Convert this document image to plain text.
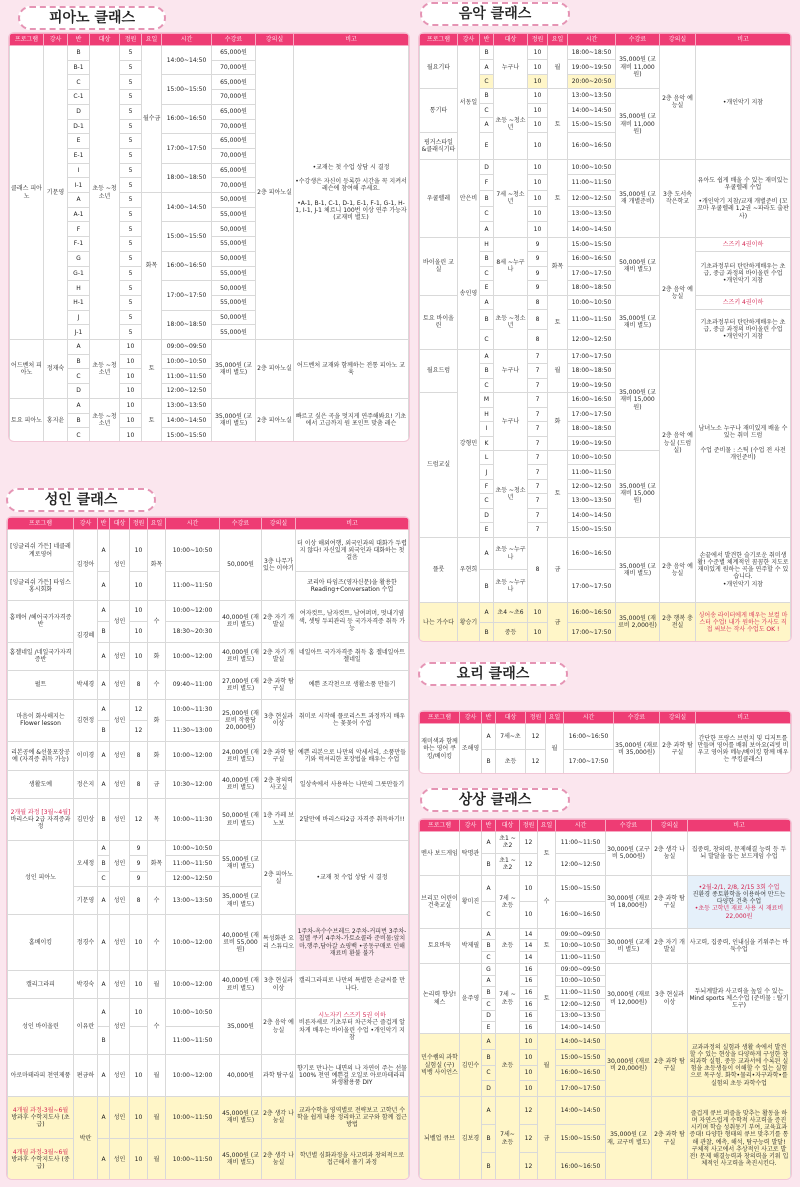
피아노 클래스
프로그램	강사	반	대상	정원	요일	시간	수강료	강의실	비고
클래스 피아노	기문영	B	초등 ~청소년	5	월수금	14:00~14:50	65,000원	2층 피아노실	•교재는 첫 수업 상담 시 결정

•수강생은 자신이 등록한 시간을 꼭 지켜서 레슨에 참여해 주세요.

•A-1, B-1, C-1, D-1, E-1, F-1, G-1, H-1, I-1, J-1 체르니 100번 이상 연주 가능자 (교재비 별도)
		B-1		5			70,000원		
		C		5		15:00~15:50	65,000원		
		C-1		5			70,000원		
		D		5		16:00~16:50	65,000원		
		D-1		5			70,000원		
		E		5		17:00~17:50	65,000원		
		E-1		5			70,000원		
		I		5		18:00~18:50	65,000원		
		I-1		5			70,000원		
		A		5	화목	14:00~14:50	50,000원		
		A-1		5			55,000원		
		F		5		15:00~15:50	50,000원		
		F-1		5			55,000원		
		G		5		16:00~16:50	50,000원		
		G-1		5			55,000원		
		H		5		17:00~17:50	50,000원		
		H-1		5			55,000원		
		J		5		18:00~18:50	50,000원		
		J-1		5			55,000원		
어드벤처 피아노	정재숙	A	초등 ~청소년	10	토	09:00~09:50	35,000원 (교재비 별도)	2층 피아노실	어드벤처 교재와 함께하는 전통 피아노 교육
		B		10		10:00~10:50			
		C		10		11:00~11:50			
		D		10		12:00~12:50			
토요 피아노	홍지윤	A	초등 ~청소년	10	토	13:00~13:50	35,000원 (교재비 별도)	2층 피아노실	빠르고 싶은 곡을 멋지게 연주해봐요! 기초에서 고급까지 원 포인트 맞춤 레슨
		B		10		14:00~14:50			
		C		10		15:00~15:50			
음악 클래스
프로그램	강사	반	대상	정원	요일	시간	수강료	강의실	비고
월요기타	서동일	B	누구나	10	월	18:00~18:50	35,000원 (교재비 11,000원)	2층 음악 예능실	•개인악기 지참
		A		10		19:00~19:50			
		C		10		20:00~20:50			
통기타		B	초등 ~청소년	10	토	13:00~13:50	35,000원 (교재비 11,000원)		
		C		10		14:00~14:50			
		A		10		15:00~15:50			
핑거스타일 &클래식기타		E		10		16:00~16:50			
우쿨렐레	안은비	D	7세 ~청소년	10	토	10:00~10:50	35,000원 (교재 개별준비)	3층 도서속 작은학교	유아도 쉽게 배울 수 있는 재미있는 우쿨렐레 수업

•개인악기 지참/교재 개별준비 (꼬꼬마 우쿨렐레 1,2권 ~파라도 출판사)
		F		10		11:00~11:50			
		B		10		12:00~12:50			
		C		10		13:00~13:50			
		A		10		14:00~14:50			
바이올린 교실	송인영	H	8세 ~누구나	9	화목	15:00~15:50	50,000원 (교재비 별도)	2층 음악 예능실	스즈키 4권이하
		B		9		16:00~16:50			기초과정부터 탄탄하게배우는 초급, 중급 과정의 바이올린 수업
•개인악기 지참
		C		9		17:00~17:50			
		E		9		18:00~18:50			
토요 바이올린		A	초등 ~청소년	8	토	10:00~10:50	35,000원 (교재비 별도)		스즈키 4권이하
		B		8		11:00~11:50			기초과정부터 탄탄하게배우는 초급, 중급 과정의 바이올린 수업
•개인악기 지참
		C		8		12:00~12:50			
월요드럼	강형민	A	누구나	7	월	17:00~17:50	35,000원 (교재비 15,000원)	2층 음악 예능실 (드럼실)	남녀노소 누구나 재미있게 배울 수 있는 취미 드럼

수업 준비물 : 스틱 (수업 전 사전 개인준비)
		B		7		18:00~18:50			
		C		7		19:00~19:50			
드럼교실		M	누구나	7	화	16:00~16:50			
		H		7		17:00~17:50			
		I		7		18:00~18:50			
		K		7		19:00~19:50			
		L	초등 ~청소년	7	토	10:00~10:50	35,000원 (교재비 15,000원)		
		J		7		11:00~11:50			
		F		7		12:00~12:50			
		C		7		13:00~13:50			
		D		7		14:00~14:50			
		E		7		15:00~15:50			
플룻	우현희	A	초등 ~누구나	8	금	16:00~16:50	35,000원 (교재비 별도)	2층 음악 예능실	손끝에서 발견한 슬기로운 취미생활! 수준별 체계적인 꼼꼼한 지도로 재미있게 원하는 곡을 연주할 수 있습니다.
•개인악기 지참
		B	초등 ~누구나			17:00~17:50			
나는 가수다	황승기	A	초4 ~초6	10	금	16:00~16:50	35,000원 (재료비 2,000원)	2층 행복 충전실	싱어송 라이터에게 배우는 보컬 마스터 수업! 내가 원하는 가사도 직접 써보는 작사 수업도 OK !
		B	중등	10		17:00~17:50			
성인 클래스
프로그램	강사	반	대상	정원	요일	시간	수강료	강의실	비고
[잉글리쉬 가든] 네클레계로영어	김정아	A	성인	10	화목	10:00~10:50	50,000원	3층 나무가 있는 이야기	더 이상 해외여행, 외국인과의 대화가 두렵지 않다! 자신있게 외국인과 대화하는 첫걸음
[잉글리쉬 가든] 타임스 홍시회화		A		10		11:00~11:50			코리아 타임즈(영자신문)을 활용한 Reading+Conversation 수업
홈메어 /헤어국가자격증반	김경혜	A	성인	10	수	10:00~12:00	40,000원 (재료비 별도)	2층 자기 개발실	여자컷트, 남자컷트, 남여퍼머, 멋내기염색, 셋팅 두피관리 등 국가자격증 취득 가능
		B		10		18:30~20:30			
홈젤네일 /네일국가자격증반		A	성인	10	화	10:00~12:00	40,000원 (재료비 별도)	2층 자기 개발실	네일아트 국가자격증 취득 홈 젤네일아트 젤네일
펄트	박세경	A	성인	8	수	09:40~11:00	27,000원 (재료비 별도)	2층 과학 탐구실	예쁜 조각천으로 생활소품 만들기
마음이 화사해지는 Flower lesson	김현정	A	성인	12	화	10:00~11:30	25,000원 (재료비 작품당 20,000원)	3층 현실과 이상	취미로 시작해 플로리스트 과정까지 배우는 꽃꽂이 수업
		B		12		11:30~13:00			
리본공예 &선물포장공예 (자격증 취득 가능)	이미경	A	성인	8	화	10:00~12:00	24,000원 (재료비 별도)	2층 과학 탐구실	예쁜 리본으로 나만의 악세서리, 소품만들기와 럭셔리한 포장법을 배우는 수업
생활도예	정은지	A	성인	8	금	10:30~12:00	40,000원 (재료비 별도)	2층 창의력 사고실	일상속에서 사용하는 나만의 그릇만들기

2개월 과정 [3월~4월]
바리스타 2급 자격증과정	김민상	B	성인	12	목	10:00~11:30	50,000원 (재료비 별도)	1층 카페 보노보	2달만에 바리스타2급 자격증 취득하기!!
성인 피아노	오세정	A	성인	9	화목	10:00~10:50	55,000원 (교재비 별도)	2층 피아노실	•교재 첫 수업 상담 시 결정
		B		9		11:00~11:50			
		C		9		12:00~12:50			
	기문영	A	성인	8	수	13:00~13:50	35,000원 (교재비 별도)		
홈베이킹	정경수	A	성인	10	수	10:00~12:00	40,000원 (재료비 55,000원)	특성화관 요리 스튜디오	1주차-옥수수브레드 2주차-커피번 3주차-칩멜 쿠키 4주차-가토쇼콜라 준비물:앞치마,행주,담아갈 쇼핑백 •공동구매로 인해 재료비 환불 불가
캘리그라피	박경숙	A	성인	10	월	10:00~12:00	40,000원 (재료비 별도)	3층 현실과 이상	캘리그라피로 나만의 특별한 손글씨를 만나다.
성인 바이올린	이유란	A	성인	10	수	10:00~10:50	35,000원	2층 음악 예능실	시노자키 스즈키 5권 이하
비른자세로 기초부터 차근차근 즐겁게 알차게 배우는 바이올린 수업 •개인악기 지참

		B				11:00~11:50			
아로마테라피 천연제품	편금하	A	성인	10	월	10:00~12:00	40,000원	과학 탐구실	향기로 만나는 내면의 나 자연이 주는 선물 100% 천연 예쁜걸 오일로 아로마테라피와생활용품 DIY

4개월 과정-3월~6월
방과후 수학지도사 (초급)	박란	A	성인	10	월	10:00~11:50	45,000원 (교재비 별도)	2층 생각 나눔실	교과수학을 영역별로 전략보고 고학년 수학을 쉽게 내용 정리하고 교구와 함께 접근 방법

4개월 과정-3월~6월
방과후 수학지도사 (중급)		A	성인	10	월	10:00~11:50	45,000원 (교재비 별도)	2층 생각 나눔실	학년별 심화과정을 사고력과 창의적으로 접근해서 풀기 과정
요리 클래스
프로그램	강사	반	대상	정원	요일	시간	수강료	강의실	비고
재미색과 함께하는 영어 쿠킹/베이킹	조해영	A	7세~초	12	월	16:00~16:50	35,000원 (재료비 35,000원)	2층 과학 탐구실	간단한 프랑스 브런치 및 디저트를 만들며 영어를 배워 보아요(리빗 비우고 영어와 메뉴/베이킹 함께 배우는 쿠킹클래스)
		B	초등	12		17:00~17:50			
상상 클래스
프로그램	강사	반	대상	정원	요일	시간	수강료	강의실	비고
멘사 보드게임	탁명관	A	초1 ~초2	12	토	11:00~11:50	30,000원 (교구비 5,000원)	2층 생각 나눔실	집중력, 창의력, 문제해결 능력 등 두뇌 발달을 돕는 보드게임 수업
		B	초1 ~초2	12		12:00~12:50			
브리꼬 어린이 건축교실	황미진	A	7세 ~초등	10	수	15:00~15:50	30,000원 (재료비 18,000원)	2층 과학 탐구실	•2월-2/1, 2/8, 2/15 3회 수업
진환경 종토환학을 이용하여 만드는 다양한 건축 수업
•초등 고학년 재료 사용 시 재료비 22,000원

		C		10		16:00~16:50			
토요바둑	박제필	A	초등	14	토	09:00~09:50	30,000원 (교재비 별도)	2층 자기 개발실	사고력, 집중력, 인내심을 키워주는 바둑수업
		B		14		10:00~10:50			
		C		14		11:00~11:50			
논리력 향상! 체스	윤주영	G	7세 ~초등	16	토	09:00~09:50	30,000원 (재료비 12,000원)	3층 현실과 이상	두뇌계발과 사고력을 높일 수 있는 Mind sports 체스수업 (준비물 : 탈기도구)
		A		16		10:00~10:50			
		B		16		11:00~11:50			
		C		16		12:00~12:50			
		D		16		13:00~13:50			
		E		16		14:00~14:50			
민수쌤의 과학 실험실 (구) 빅뱅 사이언스	김민수	A	초등	10	월	14:00~14:50	30,000원 (재료비 20,000원)	2층 과학 탐구실	교과과정의 실험과 생활 속에서 발견할 수 있는 현상을 다양하게 구성한 창의과학 실험. 중등 교과서에 수록된 실험을 초등생들이 이해할 수 있는 실험으로 목구성. 화학•물리•자구과학•를 실험의 초등 과학수업
		B		10		15:00~15:50			
		C		10		16:00~16:50			
		D		10		17:00~17:50			
뇌벨업 큐브	김보경	A	7세~ 초등	12	금	14:00~14:50	35,000원 (교재, 교구비 별도)	2층 과학 탐구실	즐겁게 큐브 퍼즐을 맞추는 활동을 하며 자연스럽게 수학적 사고력을 증진시키며 학습 성취동기 부여, 교육효과 증대! 다양한 형태의 큐브 맞추기를 통해 관찰, 예측, 해석, 탐구능력 발달! 구체적 사고에서 추상적인 사고로 발전! 문제 해결능력과 창의력을 키워 입체적인 사고력을 촉진시킨다.
		B		12		15:00~15:50			
		B		12		16:00~16:50			
